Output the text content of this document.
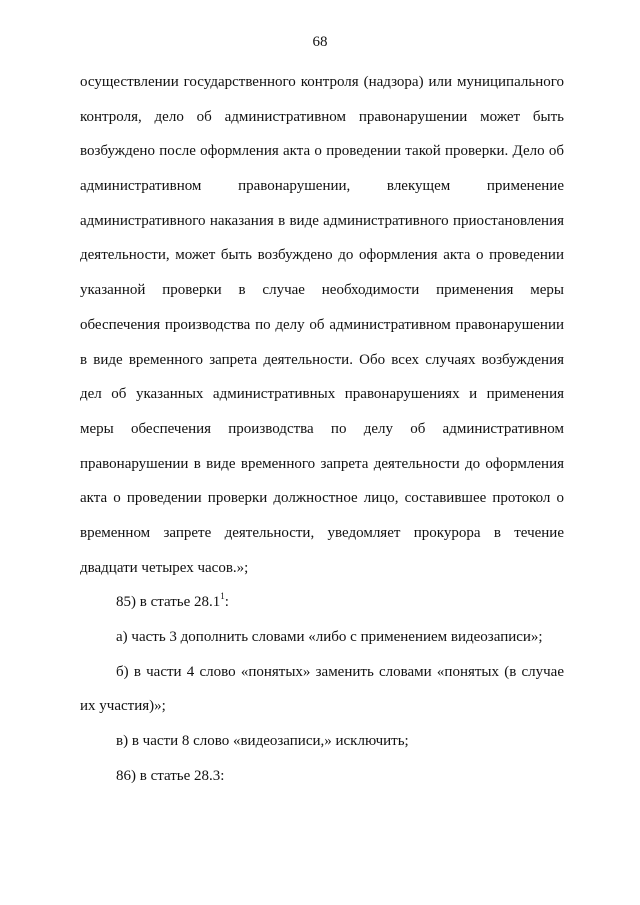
68
осуществлении государственного контроля (надзора) или муниципального
контроля, дело об административном правонарушении может быть
возбуждено после оформления акта о проведении такой проверки. Дело об
административном правонарушении, влекущем применение
административного наказания в виде административного приостановления
деятельности, может быть возбуждено до оформления акта о проведении
указанной проверки в случае необходимости применения меры
обеспечения производства по делу об административном правонарушении
в виде временного запрета деятельности. Обо всех случаях возбуждения
дел об указанных административных правонарушениях и применения
меры обеспечения производства по делу об административном
правонарушении в виде временного запрета деятельности до оформления
акта о проведении проверки должностное лицо, составившее протокол о
временном запрете деятельности, уведомляет прокурора в течение
двадцати четырех часов.»;
85) в статье 28.1$^1$:
а) часть 3 дополнить словами «либо с применением видеозаписи»;
б) в части 4 слово «понятых» заменить словами «понятых (в случае
их участия)»;
в) в части 8 слово «видеозаписи,» исключить;
86) в статье 28.3:
